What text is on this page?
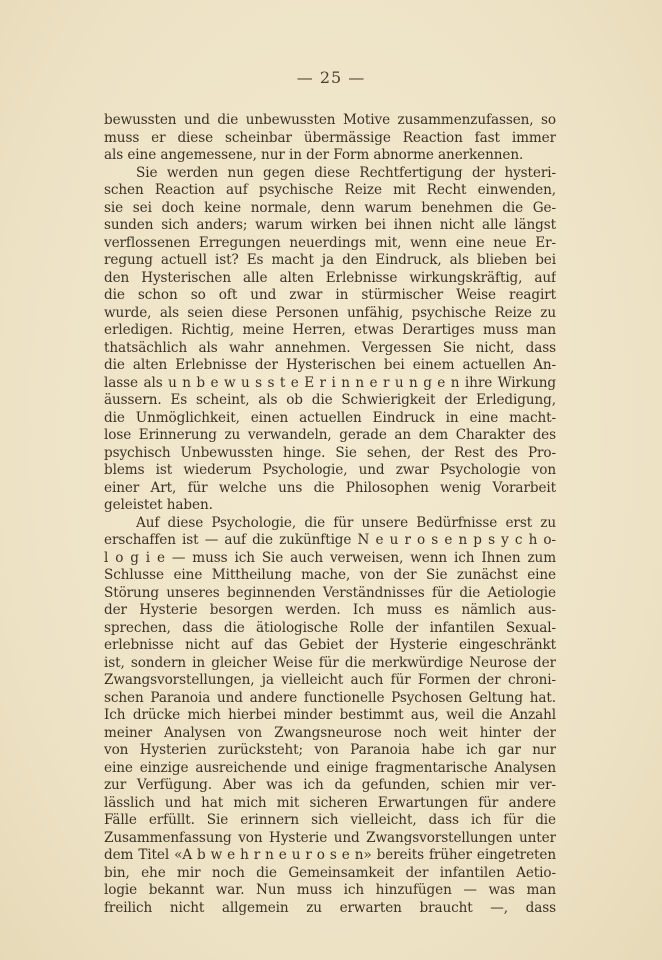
— 25 —
bewussten und die unbewussten Motive zusammenzufassen, so
muss er diese scheinbar übermässige Reaction fast immer
als eine angemessene, nur in der Form abnorme anerkennen.
Sie werden nun gegen diese Rechtfertigung der hysteri-
schen Reaction auf psychische Reize mit Recht einwenden,
sie sei doch keine normale, denn warum benehmen die Ge-
sunden sich anders; warum wirken bei ihnen nicht alle längst
verflossenen Erregungen neuerdings mit, wenn eine neue Er-
regung actuell ist? Es macht ja den Eindruck, als blieben bei
den Hysterischen alle alten Erlebnisse wirkungskräftig, auf
die schon so oft und zwar in stürmischer Weise reagirt
wurde, als seien diese Personen unfähig, psychische Reize zu
erledigen. Richtig, meine Herren, etwas Derartiges muss man
thatsächlich als wahr annehmen. Vergessen Sie nicht, dass
die alten Erlebnisse der Hysterischen bei einem actuellen An-
lasse als u n b e w u s s t e E r i n n e r u n g e n ihre Wirkung
äussern. Es scheint, als ob die Schwierigkeit der Erledigung,
die Unmöglichkeit, einen actuellen Eindruck in eine macht-
lose Erinnerung zu verwandeln, gerade an dem Charakter des
psychisch Unbewussten hinge. Sie sehen, der Rest des Pro-
blems ist wiederum Psychologie, und zwar Psychologie von
einer Art, für welche uns die Philosophen wenig Vorarbeit
geleistet haben.
Auf diese Psychologie, die für unsere Bedürfnisse erst zu
erschaffen ist — auf die zukünftige N e u r o s e n p s y c h o-
l o g i e — muss ich Sie auch verweisen, wenn ich Ihnen zum
Schlusse eine Mittheilung mache, von der Sie zunächst eine
Störung unseres beginnenden Verständnisses für die Aetiologie
der Hysterie besorgen werden. Ich muss es nämlich aus-
sprechen, dass die ätiologische Rolle der infantilen Sexual-
erlebnisse nicht auf das Gebiet der Hysterie eingeschränkt
ist, sondern in gleicher Weise für die merkwürdige Neurose der
Zwangsvorstellungen, ja vielleicht auch für Formen der chroni-
schen Paranoia und andere functionelle Psychosen Geltung hat.
Ich drücke mich hierbei minder bestimmt aus, weil die Anzahl
meiner Analysen von Zwangsneurose noch weit hinter der
von Hysterien zurücksteht; von Paranoia habe ich gar nur
eine einzige ausreichende und einige fragmentarische Analysen
zur Verfügung. Aber was ich da gefunden, schien mir ver-
lässlich und hat mich mit sicheren Erwartungen für andere
Fälle erfüllt. Sie erinnern sich vielleicht, dass ich für die
Zusammenfassung von Hysterie und Zwangsvorstellungen unter
dem Titel «A b w e h r n e u r o s e n» bereits früher eingetreten
bin, ehe mir noch die Gemeinsamkeit der infantilen Aetio-
logie bekannt war. Nun muss ich hinzufügen — was man
freilich nicht allgemein zu erwarten braucht —, dass
